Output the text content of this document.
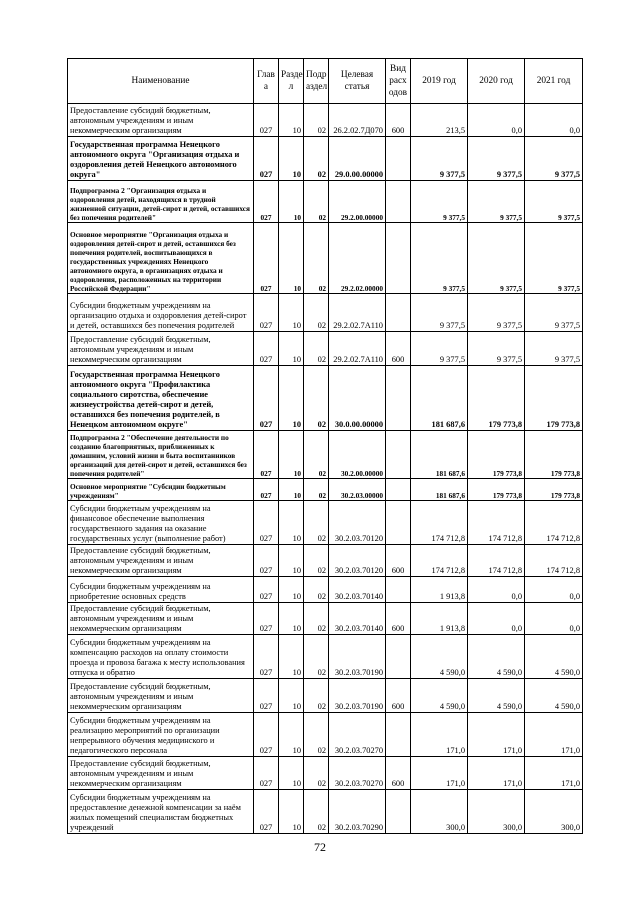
Наименование	Глав а	Разде л	Подр аздел	Целевая статья	Вид расх одов	2019 год	2020 год	2021 год
Предоставление субсидий бюджетным, автономным учреждениям и иным некоммерческим организациям	027	10	02	26.2.02.7Д070	600	213,5	0,0	0,0
Государственная программа Ненецкого автономного округа "Организация отдыха и оздоровления детей Ненецкого автономного округа"	027	10	02	29.0.00.00000		9 377,5	9 377,5	9 377,5
Подпрограмма 2 "Организация отдыха и оздоровления детей, находящихся в трудной жизненной ситуации, детей-сирот и детей, оставшихся без попечения родителей"	027	10	02	29.2.00.00000		9 377,5	9 377,5	9 377,5
Основное мероприятие "Организация отдыха и оздоровления детей-сирот и детей, оставшихся без попечения родителей, воспитывающихся в государственных учреждениях Ненецкого автономного округа, в организациях отдыха и оздоровления, расположенных на территории Российской Федерации"	027	10	02	29.2.02.00000		9 377,5	9 377,5	9 377,5
Субсидии бюджетным учреждениям на организацию отдыха и оздоровления детей-сирот и детей, оставшихся без попечения родителей	027	10	02	29.2.02.7А110		9 377,5	9 377,5	9 377,5
Предоставление субсидий бюджетным, автономным учреждениям и иным некоммерческим организациям	027	10	02	29.2.02.7А110	600	9 377,5	9 377,5	9 377,5
Государственная программа Ненецкого автономного округа "Профилактика социального сиротства, обеспечение жизнеустройства детей-сирот и детей, оставшихся без попечения родителей, в Ненецком автономном округе"	027	10	02	30.0.00.00000		181 687,6	179 773,8	179 773,8
Подпрограмма 2 "Обеспечение деятельности по созданию благоприятных, приближенных к домашним, условий жизни и быта воспитанников организаций для детей-сирот и детей, оставшихся без попечения родителей"	027	10	02	30.2.00.00000		181 687,6	179 773,8	179 773,8
Основное мероприятие "Субсидии бюджетным учреждениям"	027	10	02	30.2.03.00000		181 687,6	179 773,8	179 773,8
Субсидии бюджетным учреждениям на финансовое обеспечение выполнения государственного задания на оказание государственных услуг (выполнение работ)	027	10	02	30.2.03.70120		174 712,8	174 712,8	174 712,8
Предоставление субсидий бюджетным, автономным учреждениям и иным некоммерческим организациям	027	10	02	30.2.03.70120	600	174 712,8	174 712,8	174 712,8
Субсидии бюджетным учреждениям на приобретение основных средств	027	10	02	30.2.03.70140		1 913,8	0,0	0,0
Предоставление субсидий бюджетным, автономным учреждениям и иным некоммерческим организациям	027	10	02	30.2.03.70140	600	1 913,8	0,0	0,0
Субсидии бюджетным учреждениям на компенсацию расходов на оплату стоимости проезда и провоза багажа к месту использования отпуска и обратно	027	10	02	30.2.03.70190		4 590,0	4 590,0	4 590,0
Предоставление субсидий бюджетным, автономным учреждениям и иным некоммерческим организациям	027	10	02	30.2.03.70190	600	4 590,0	4 590,0	4 590,0
Субсидии бюджетным учреждениям на реализацию мероприятий по организации непрерывного обучения медицинского и педагогического персонала	027	10	02	30.2.03.70270		171,0	171,0	171,0
Предоставление субсидий бюджетным, автономным учреждениям и иным некоммерческим организациям	027	10	02	30.2.03.70270	600	171,0	171,0	171,0
Субсидии бюджетным учреждениям на предоставление денежной компенсации за наём жилых помещений специалистам бюджетных учреждений	027	10	02	30.2.03.70290		300,0	300,0	300,0
72
